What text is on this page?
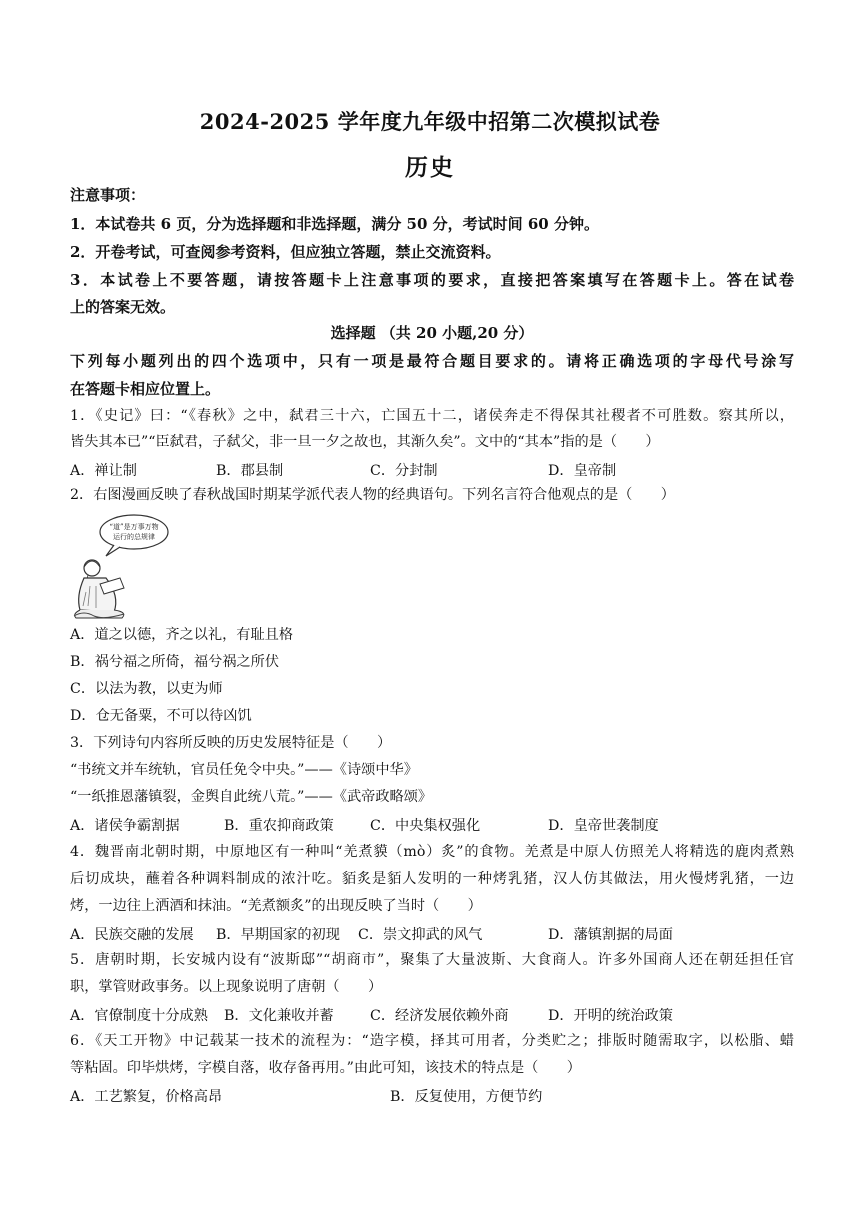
2024-2025 学年度九年级中招第二次模拟试卷
历史
注意事项：
1．本试卷共 6 页，分为选择题和非选择题，满分 50 分，考试时间 60 分钟。
2．开卷考试，可查阅参考资料，但应独立答题，禁止交流资料。
3．本试卷上不要答题，请按答题卡上注意事项的要求，直接把答案填写在答题卡上。答在试卷
上的答案无效。
选择题 （共 20 小题,20 分）
下列每小题列出的四个选项中，只有一项是最符合题目要求的。请将正确选项的字母代号涂写
在答题卡相应位置上。
1．《史记》曰：“《春秋》之中，弑君三十六，亡国五十二，诸侯奔走不得保其社稷者不可胜数。察其所以，
皆失其本已”“臣弑君，子弑父，非一旦一夕之故也，其渐久矣”。文中的“其本”指的是（　　）
A．禅让制	B．郡县制	C．分封制	D．皇帝制
2．右图漫画反映了春秋战国时期某学派代表人物的经典语句。下列名言符合他观点的是（　　）
“道”是万事万物
运行的总规律
A．道之以德，齐之以礼，有耻且格
B．祸兮福之所倚，福兮祸之所伏
C．以法为教，以吏为师
D．仓无备粟，不可以待凶饥
3．下列诗句内容所反映的历史发展特征是（　　）
“书统文并车统轨，官员任免令中央。”——《诗颂中华》
“一纸推恩藩镇裂，金舆自此统八荒。”——《武帝政略颂》
A．诸侯争霸割据	B．重农抑商政策	C．中央集权强化	D．皇帝世袭制度
4．魏晋南北朝时期，中原地区有一种叫“羌煮貘（mò）炙”的食物。羌煮是中原人仿照羌人将精选的鹿肉煮熟
后切成块，蘸着各种调料制成的浓汁吃。貊炙是貊人发明的一种烤乳猪，汉人仿其做法，用火慢烤乳猪，一边
烤，一边往上洒酒和抹油。“羌煮额炙”的出现反映了当时（　　）
A．民族交融的发展 B．早期国家的初现 C．崇文抑武的风气	D．藩镇割据的局面
5．唐朝时期，长安城内设有“波斯邸”“胡商市”，聚集了大量波斯、大食商人。许多外国商人还在朝廷担任官
职，掌管财政事务。以上现象说明了唐朝（　　）
A．官僚制度十分成熟 B．文化兼收并蓄	C．经济发展依赖外商	D．开明的统治政策
6．《天工开物》中记载某一技术的流程为：“造字模，择其可用者，分类贮之；排版时随需取字，以松脂、蜡
等粘固。印毕烘烤，字模自落，收存备再用。”由此可知，该技术的特点是（　　）
A．工艺繁复，价格高昂	B．反复使用，方便节约
